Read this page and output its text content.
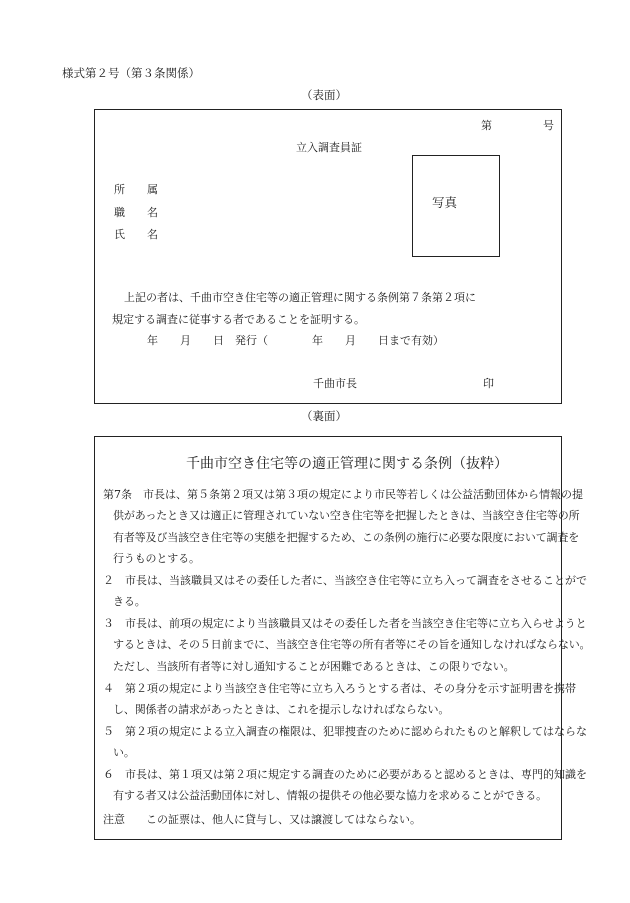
様式第２号（第３条関係）
（表面）
第	号
立入調査員証
所　　属
職　　名
氏　　名
写真
上記の者は、千曲市空き住宅等の適正管理に関する条例第７条第２項に
規定する調査に従事する者であることを証明する。
年　　月　　日　発行（　　　　年　　月　　日まで有効）
千曲市長	印
（裏面）
千曲市空き住宅等の適正管理に関する条例（抜粋）
第7条　市長は、第５条第２項又は第３項の規定により市民等若しくは公益活動団体から情報の提
供があったとき又は適正に管理されていない空き住宅等を把握したときは、当該空き住宅等の所
有者等及び当該空き住宅等の実態を把握するため、この条例の施行に必要な限度において調査を
行うものとする。
２　市長は、当該職員又はその委任した者に、当該空き住宅等に立ち入って調査をさせることがで
きる。
３　市長は、前項の規定により当該職員又はその委任した者を当該空き住宅等に立ち入らせようと
するときは、その５日前までに、当該空き住宅等の所有者等にその旨を通知しなければならない。
ただし、当該所有者等に対し通知することが困難であるときは、この限りでない。
４　第２項の規定により当該空き住宅等に立ち入ろうとする者は、その身分を示す証明書を携帯
し、関係者の請求があったときは、これを提示しなければならない。
５　第２項の規定による立入調査の権限は、犯罪捜査のために認められたものと解釈してはならな
い。
６　市長は、第１項又は第２項に規定する調査のために必要があると認めるときは、専門的知識を
有する者又は公益活動団体に対し、情報の提供その他必要な協力を求めることができる。
注意 この証票は、他人に貸与し、又は譲渡してはならない。
